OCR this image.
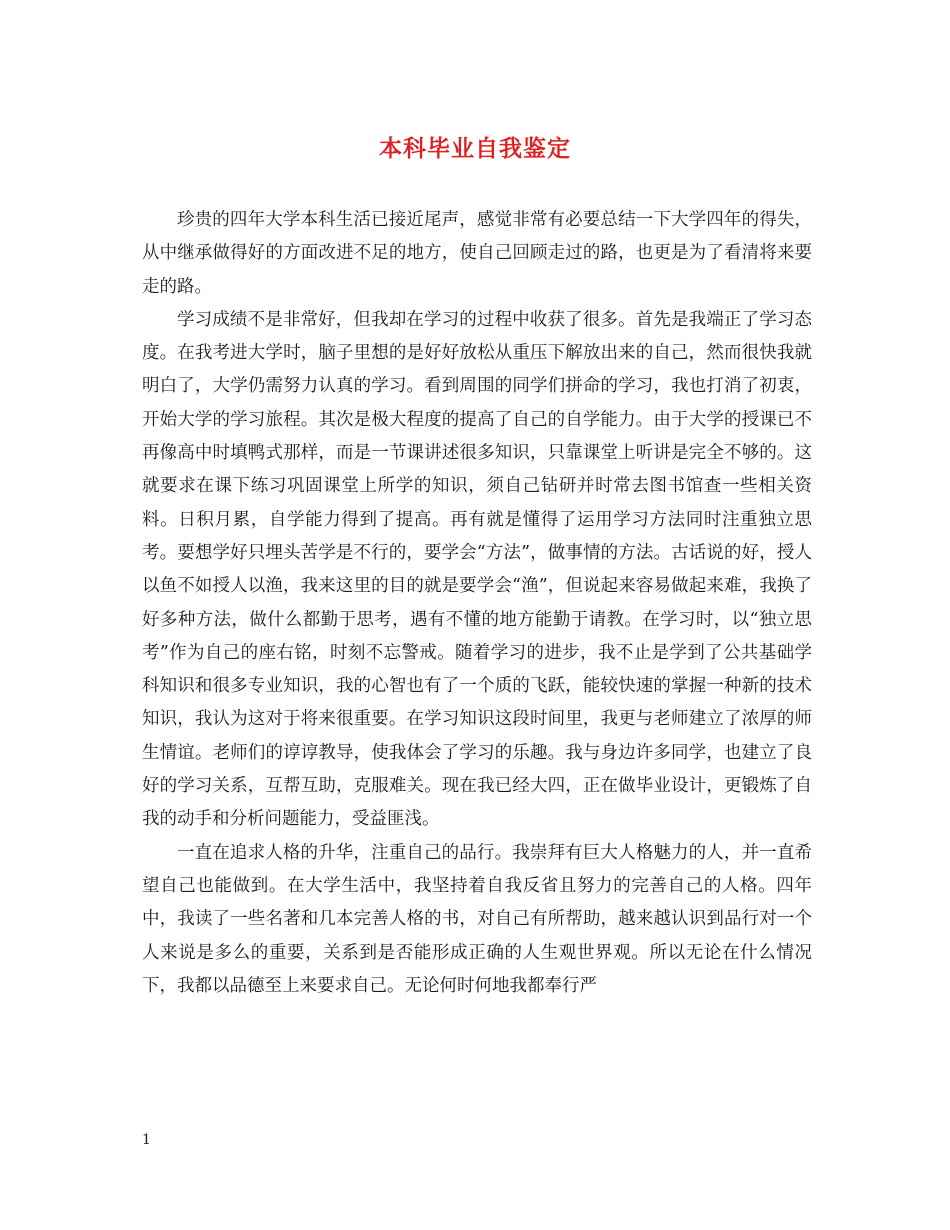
本科毕业自我鉴定

珍贵的四年大学本科生活已接近尾声，感觉非常有必要总结一下大学四年的得失，从中继承做得好的方面改进不足的地方，使自己回顾走过的路，也更是为了看清将来要走的路。

学习成绩不是非常好，但我却在学习的过程中收获了很多。首先是我端正了学习态度。在我考进大学时，脑子里想的是好好放松从重压下解放出来的自己，然而很快我就明白了，大学仍需努力认真的学习。看到周围的同学们拼命的学习，我也打消了初衷，开始大学的学习旅程。其次是极大程度的提高了自己的自学能力。由于大学的授课已不再像高中时填鸭式那样，而是一节课讲述很多知识，只靠课堂上听讲是完全不够的。这就要求在课下练习巩固课堂上所学的知识，须自己钻研并时常去图书馆查一些相关资料。日积月累，自学能力得到了提高。再有就是懂得了运用学习方法同时注重独立思考。要想学好只埋头苦学是不行的，要学会“方法”，做事情的方法。古话说的好，授人以鱼不如授人以渔，我来这里的目的就是要学会“渔”，但说起来容易做起来难，我换了好多种方法，做什么都勤于思考，遇有不懂的地方能勤于请教。在学习时，以“独立思考”作为自己的座右铭，时刻不忘警戒。随着学习的进步，我不止是学到了公共基础学科知识和很多专业知识，我的心智也有了一个质的飞跃，能较快速的掌握一种新的技术知识，我认为这对于将来很重要。在学习知识这段时间里，我更与老师建立了浓厚的师生情谊。老师们的谆谆教导，使我体会了学习的乐趣。我与身边许多同学，也建立了良好的学习关系，互帮互助，克服难关。现在我已经大四，正在做毕业设计，更锻炼了自我的动手和分析问题能力，受益匪浅。

一直在追求人格的升华，注重自己的品行。我崇拜有巨大人格魅力的人，并一直希望自己也能做到。在大学生活中，我坚持着自我反省且努力的完善自己的人格。四年中，我读了一些名著和几本完善人格的书，对自己有所帮助，越来越认识到品行对一个人来说是多么的重要，关系到是否能形成正确的人生观世界观。所以无论在什么情况下，我都以品德至上来要求自己。无论何时何地我都奉行严

1
